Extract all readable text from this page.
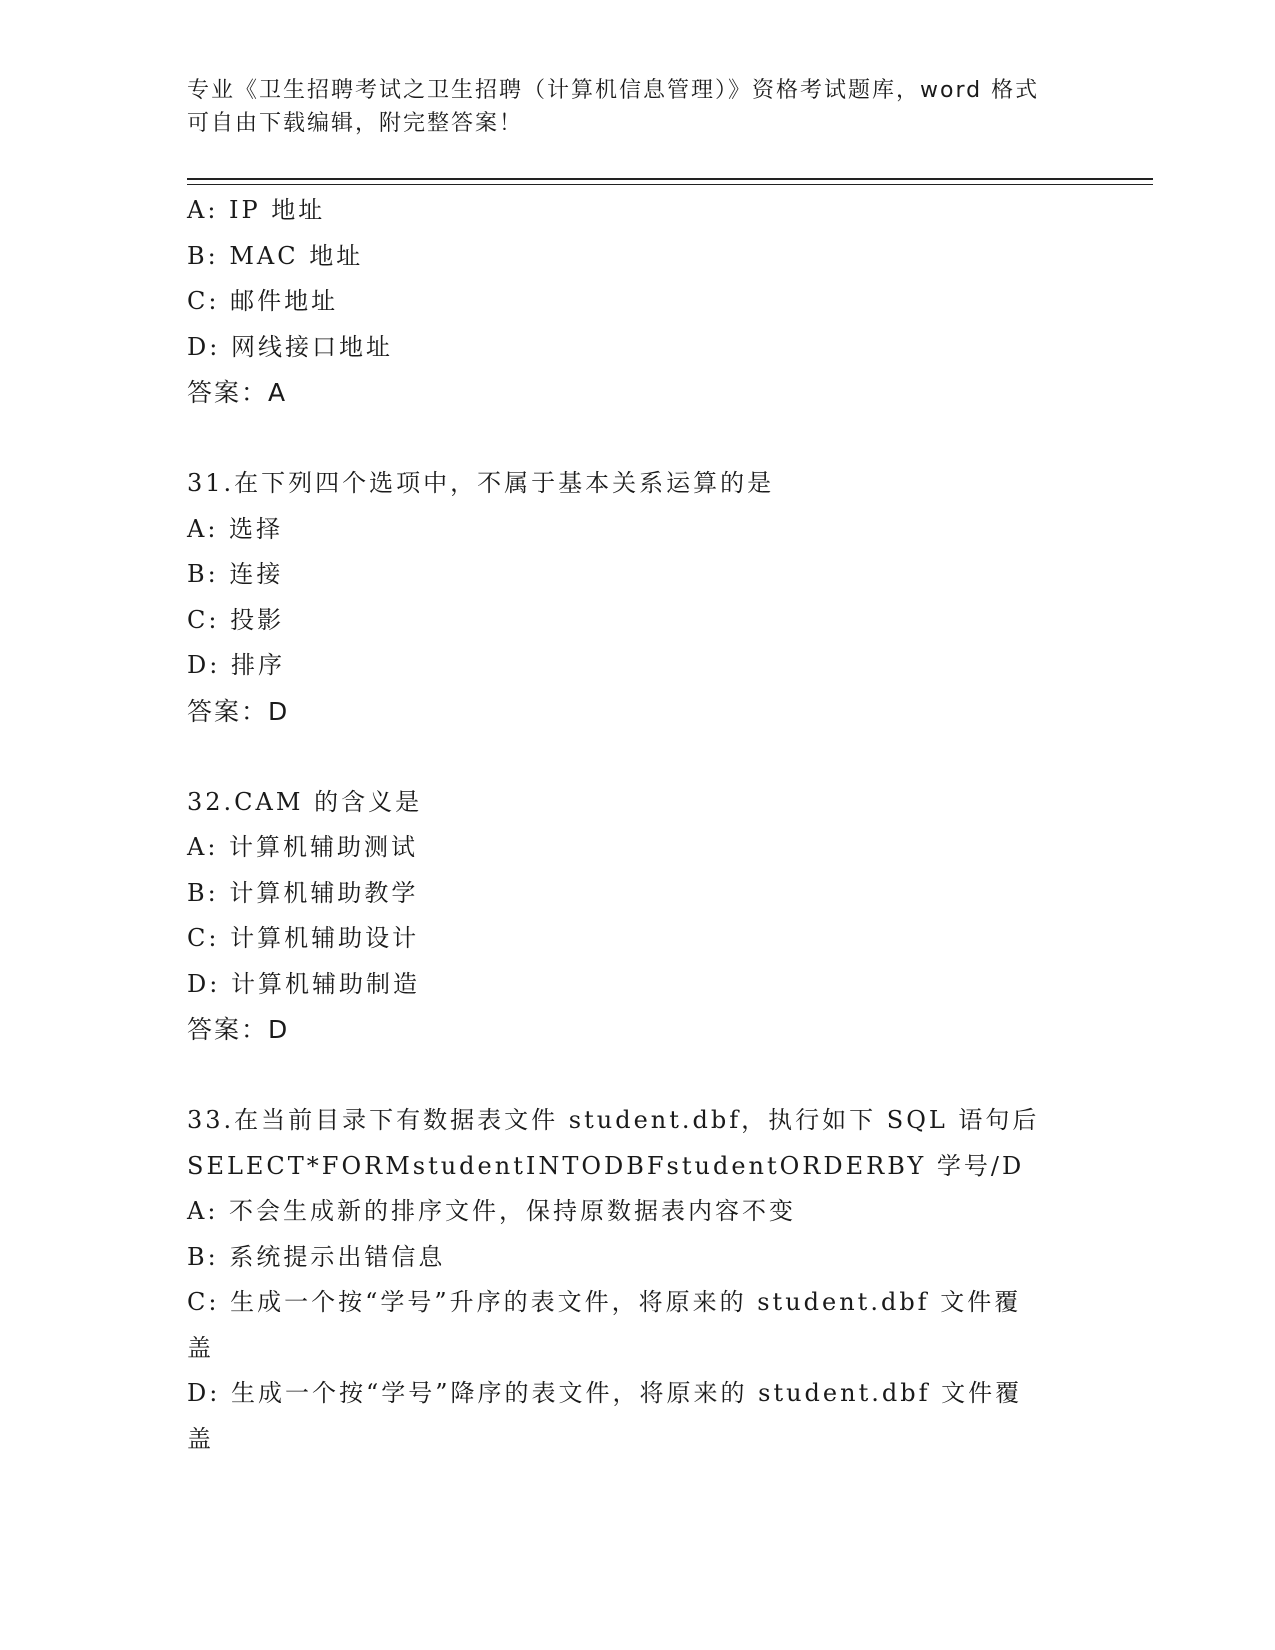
专业《卫生招聘考试之卫生招聘（计算机信息管理）》资格考试题库，word 格式
可自由下载编辑，附完整答案！
A: IP 地址
B: MAC 地址
C: 邮件地址
D: 网线接口地址
答案：A
31.在下列四个选项中，不属于基本关系运算的是
A: 选择
B: 连接
C: 投影
D: 排序
答案：D
32.CAM 的含义是
A: 计算机辅助测试
B: 计算机辅助教学
C: 计算机辅助设计
D: 计算机辅助制造
答案：D
33.在当前目录下有数据表文件 student.dbf，执行如下 SQL 语句后
SELECT*FORMstudentINTODBFstudentORDERBY 学号/D
A: 不会生成新的排序文件，保持原数据表内容不变
B: 系统提示出错信息
C: 生成一个按“学号”升序的表文件，将原来的 student.dbf 文件覆
盖
D: 生成一个按“学号”降序的表文件，将原来的 student.dbf 文件覆
盖
